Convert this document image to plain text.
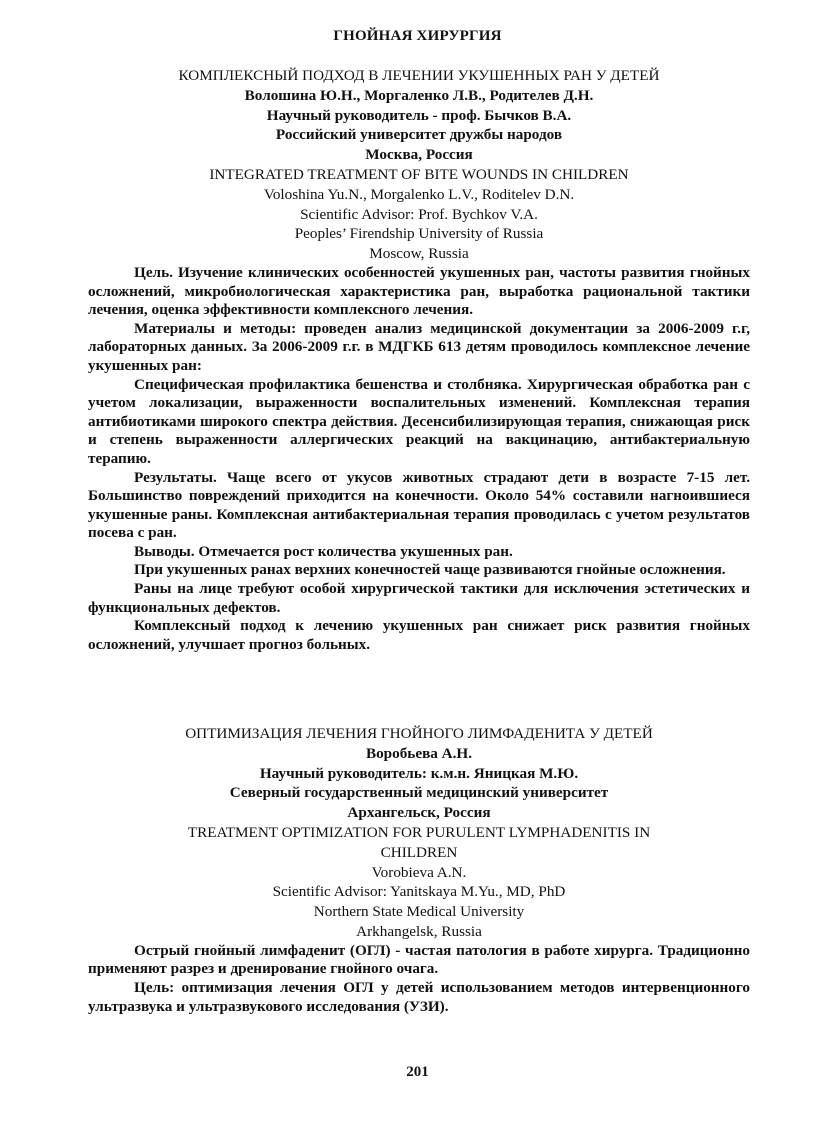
ГНОЙНАЯ ХИРУРГИЯ
КОМПЛЕКСНЫЙ ПОДХОД В ЛЕЧЕНИИ УКУШЕННЫХ РАН У ДЕТЕЙ
Волошина Ю.Н., Моргаленко Л.В., Родителев Д.Н.
Научный руководитель - проф. Бычков В.А.
Российский университет дружбы народов
Москва, Россия
INTEGRATED TREATMENT OF BITE WOUNDS IN CHILDREN
Voloshina Yu.N., Morgalenko L.V., Roditelev D.N.
Scientific Advisor: Prof. Bychkov V.A.
Peoples’ Firendship University of Russia
Moscow, Russia

Цель. Изучение клинических особенностей укушенных ран, частоты развития гнойных осложнений, микробиологическая характеристика ран, выработка рациональной тактики лечения, оценка эффективности комплексного лечения.

Материалы и методы: проведен анализ медицинской документации за 2006-2009 г.г, лабораторных данных. За 2006-2009 г.г. в МДГКБ 613 детям проводилось комплексное лечение укушенных ран:

Специфическая профилактика бешенства и столбняка. Хирургическая обработка ран с учетом локализации, выраженности воспалительных изменений. Комплексная терапия антибиотиками широкого спектра действия. Десенсибилизирующая терапия, снижающая риск и степень выраженности аллергических реакций на вакцинацию, антибактериальную терапию.

Результаты. Чаще всего от укусов животных страдают дети в возрасте 7-15 лет. Большинство повреждений приходится на конечности. Около 54% составили нагноившиеся укушенные раны. Комплексная антибактериальная терапия проводилась с учетом результатов посева с ран.

Выводы. Отмечается рост количества укушенных ран.

При укушенных ранах верхних конечностей чаще развиваются гнойные осложнения.

Раны на лице требуют особой хирургической тактики для исключения эстетических и функциональных дефектов.

Комплексный подход к лечению укушенных ран снижает риск развития гнойных осложнений, улучшает прогноз больных.

ОПТИМИЗАЦИЯ ЛЕЧЕНИЯ ГНОЙНОГО ЛИМФАДЕНИТА У ДЕТЕЙ
Воробьева А.Н.
Научный руководитель: к.м.н. Яницкая М.Ю.
Северный государственный медицинский университет
Архангельск, Россия
TREATMENT OPTIMIZATION FOR PURULENT LYMPHADENITIS IN
CHILDREN
Vorobieva A.N.
Scientific Advisor: Yanitskaya M.Yu., MD, PhD
Northern State Medical University
Arkhangelsk, Russia

Острый гнойный лимфаденит (ОГЛ) - частая патология в работе хирурга. Традиционно применяют разрез и дренирование гнойного очага.

Цель: оптимизация лечения ОГЛ у детей использованием методов интервенционного ультразвука и ультразвукового исследования (УЗИ).

201
